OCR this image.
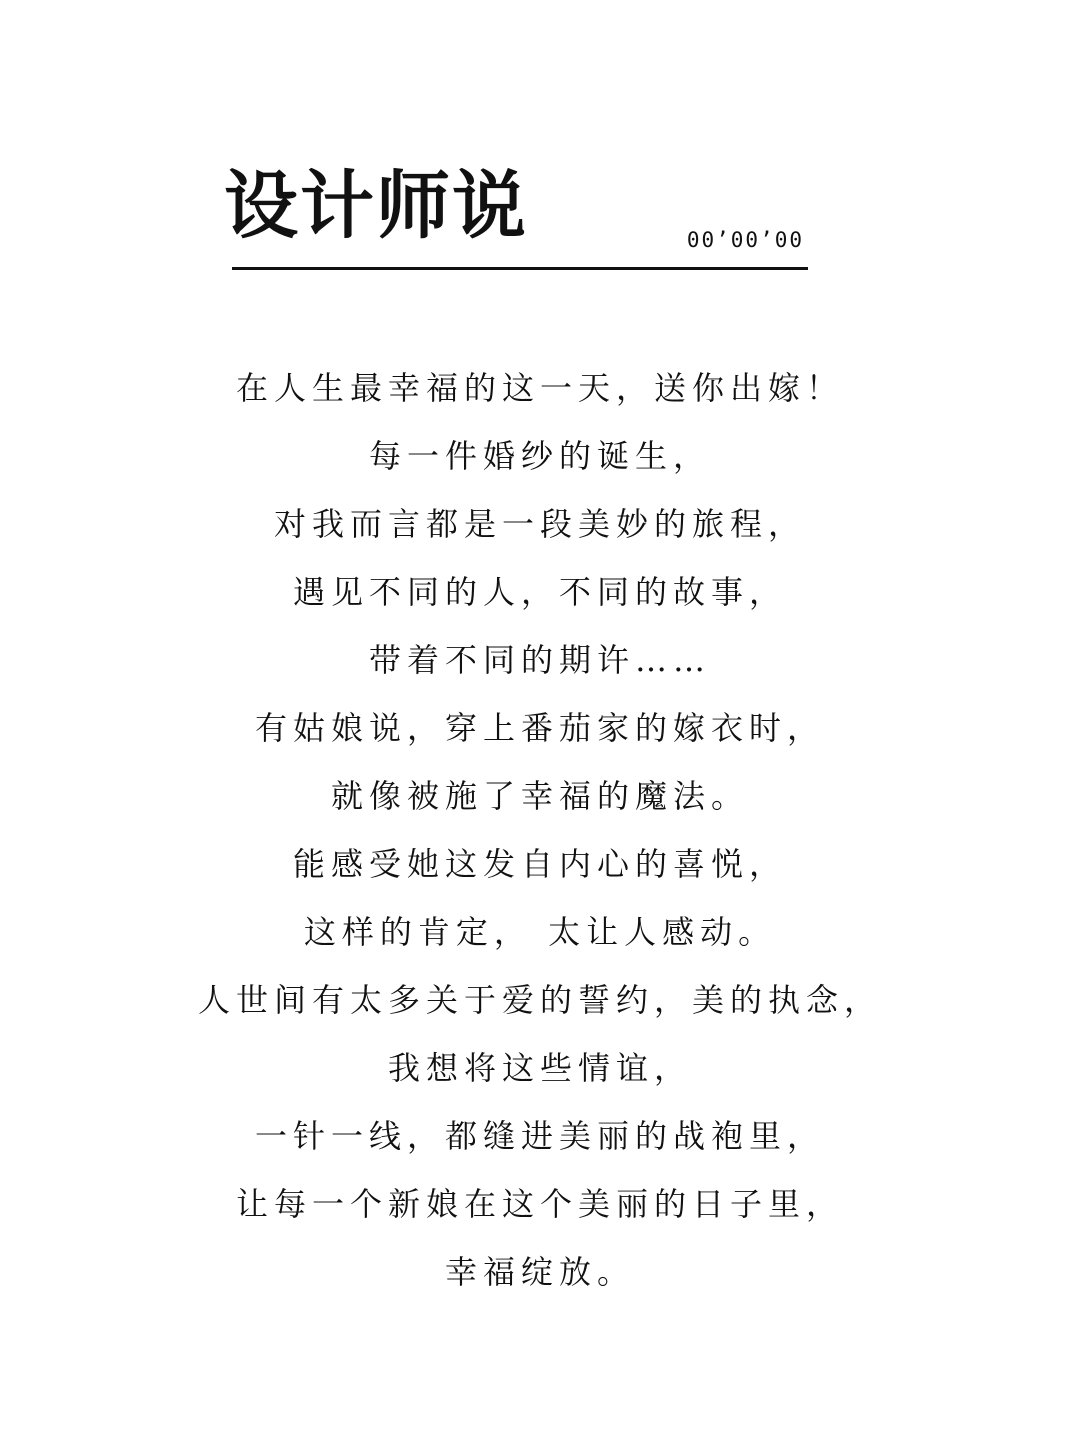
设计师说	00’00’00
在人生最幸福的这一天，送你出嫁！
每一件婚纱的诞生，
对我而言都是一段美妙的旅程，
遇见不同的人，不同的故事，
带着不同的期许……
有姑娘说，穿上番茄家的嫁衣时，
就像被施了幸福的魔法。
能感受她这发自内心的喜悦，
这样的肯定， 太让人感动。
人世间有太多关于爱的誓约，美的执念，
我想将这些情谊，
一针一线，都缝进美丽的战袍里，
让每一个新娘在这个美丽的日子里，
幸福绽放。
